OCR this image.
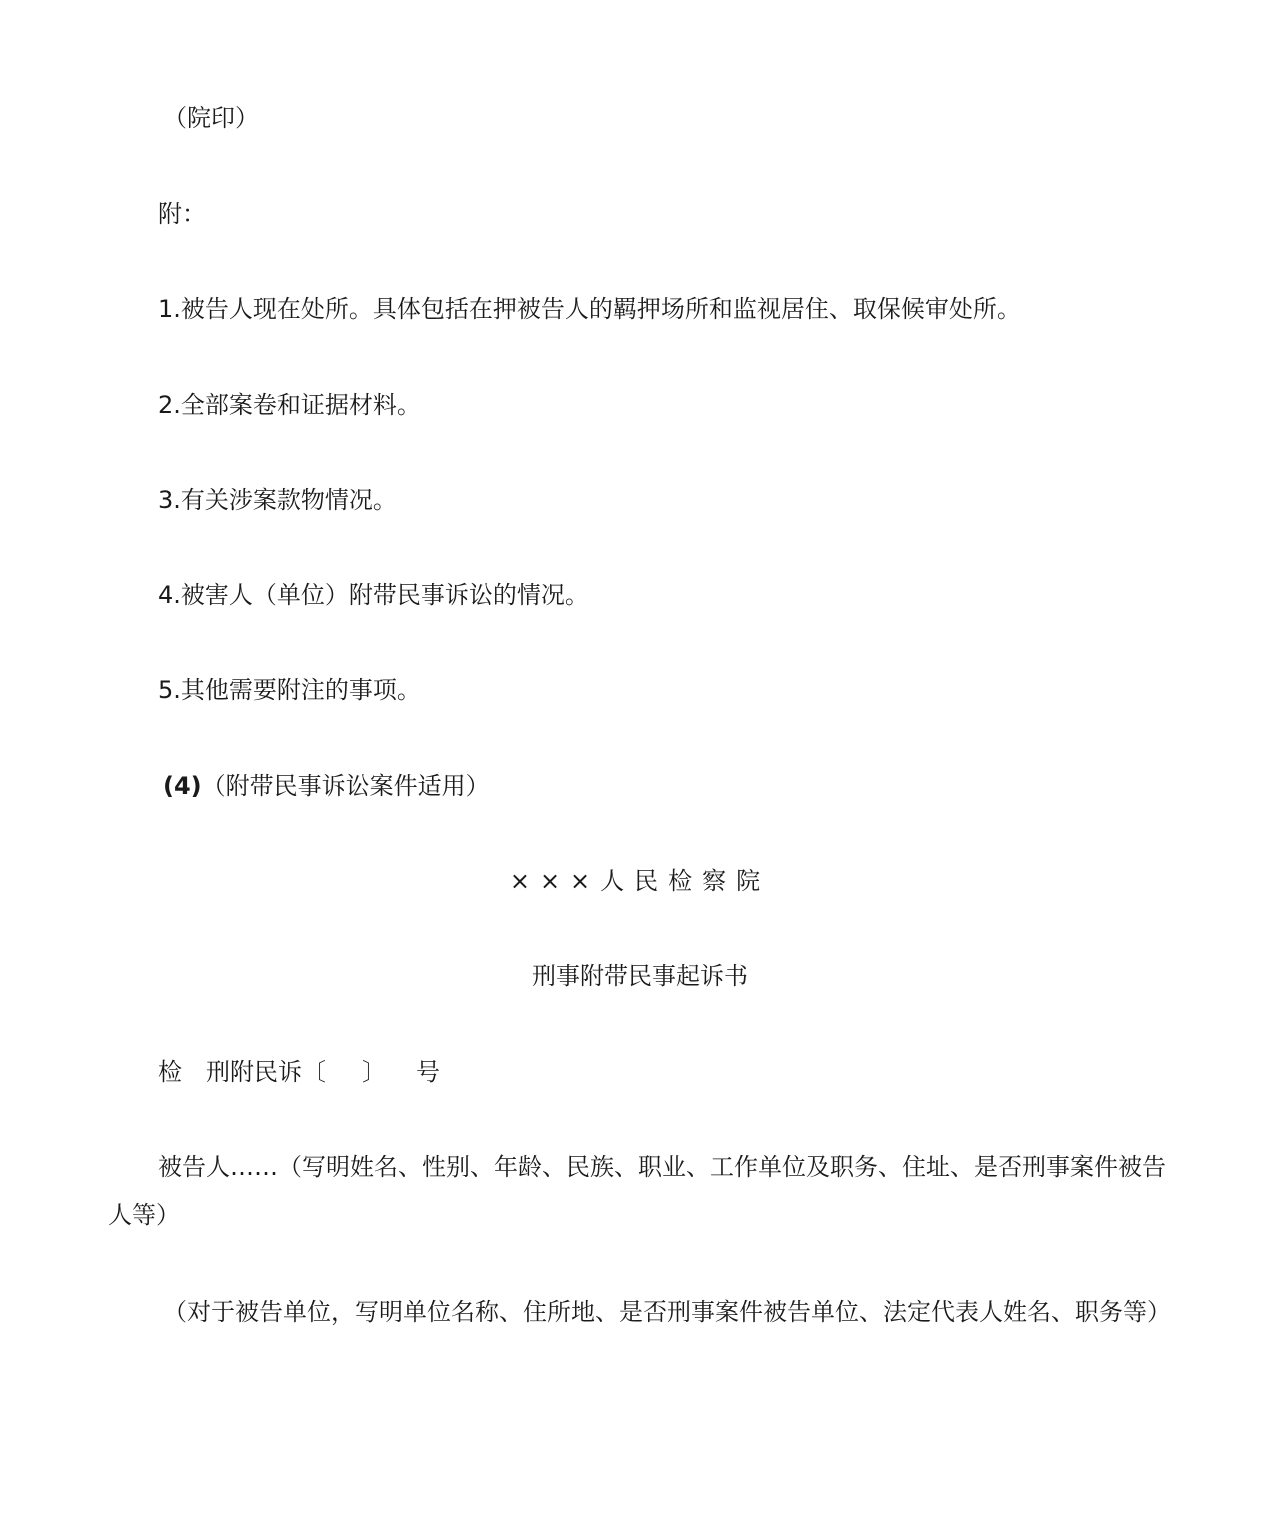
（院印）
附：
1.被告人现在处所。具体包括在押被告人的羁押场所和监视居住、取保候审处所。
2.全部案卷和证据材料。
3.有关涉案款物情况。
4.被害人（单位）附带民事诉讼的情况。
5.其他需要附注的事项。
(4)（附带民事诉讼案件适用）
×××人民检察院
刑事附带民事起诉书
检 刑附民诉〔 〕 号
被告人……（写明姓名、性别、年龄、民族、职业、工作单位及职务、住址、是否刑事案件被告人等）
（对于被告单位，写明单位名称、住所地、是否刑事案件被告单位、法定代表人姓名、职务等）
